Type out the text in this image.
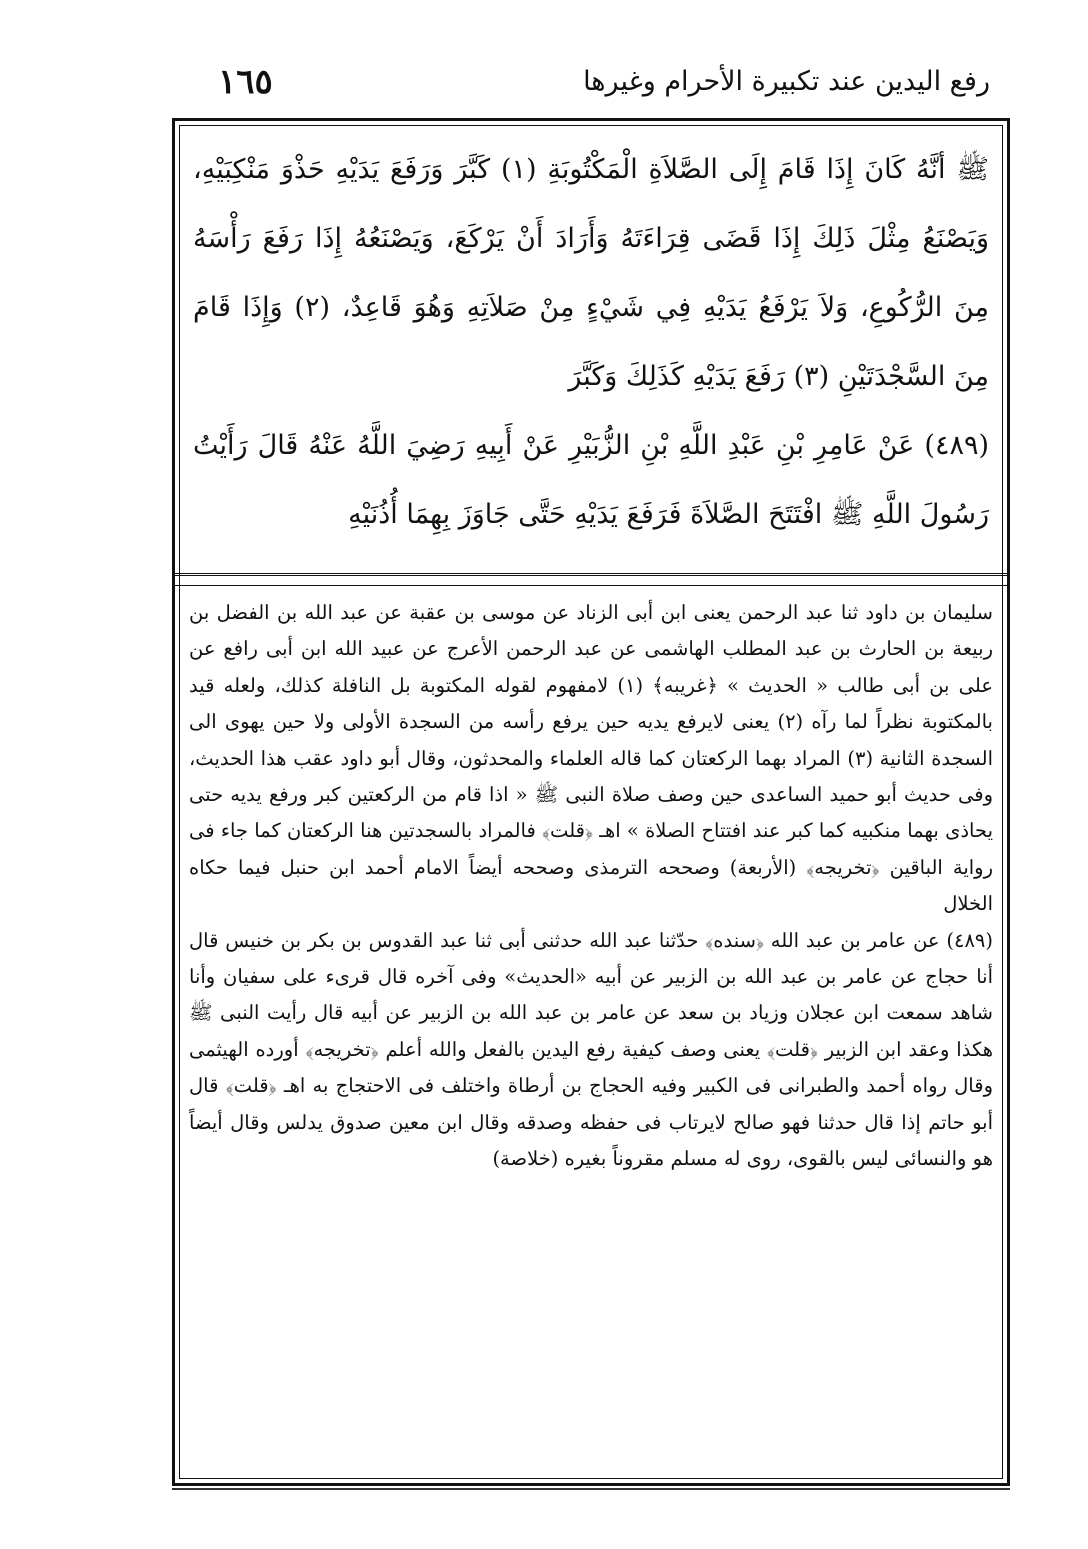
١٦٥	رفع اليدين عند تكبيرة الأحرام وغيرها

ﷺ أنَّهُ كَانَ إِذَا قَامَ إِلَى الصَّلاَةِ الْمَكْتُوبَةِ (١) كَبَّرَ وَرَفَعَ يَدَيْهِ حَذْوَ مَنْكِبَيْهِ، وَيَصْنَعُ مِثْلَ ذَلِكَ إِذَا قَضَى قِرَاءَتَهُ وَأَرَادَ أَنْ يَرْكَعَ، وَيَصْنَعُهُ إِذَا رَفَعَ رَأْسَهُ مِنَ الرُّكُوعِ، وَلاَ يَرْفَعُ يَدَيْهِ فِي شَيْءٍ مِنْ صَلاَتِهِ وَهُوَ قَاعِدٌ، (٢) وَإِذَا قَامَ مِنَ السَّجْدَتَيْنِ (٣) رَفَعَ يَدَيْهِ كَذَلِكَ وَكَبَّرَ

(٤٨٩) عَنْ عَامِرِ بْنِ عَبْدِ اللَّهِ بْنِ الزُّبَيْرِ عَنْ أَبِيهِ رَضِيَ اللَّهُ عَنْهُ قَالَ رَأَيْتُ رَسُولَ اللَّهِ ﷺ افْتَتَحَ الصَّلاَةَ فَرَفَعَ يَدَيْهِ حَتَّى جَاوَزَ بِهِمَا أُذُنَيْهِ

سليمان بن داود ثنا عبد الرحمن يعنى ابن أبى الزناد عن موسى بن عقبة عن عبد الله بن الفضل بن ربيعة بن الحارث بن عبد المطلب الهاشمى عن عبد الرحمن الأعرج عن عبيد الله ابن أبى رافع عن على بن أبى طالب « الحديث » ﴿غريبه﴾ (١) لامفهوم لقوله المكتوبة بل النافلة كذلك، ولعله قيد بالمكتوبة نظراً لما رآه (٢) يعنى لايرفع يديه حين يرفع رأسه من السجدة الأولى ولا حين يهوى الى السجدة الثانية (٣) المراد بهما الركعتان كما قاله العلماء والمحدثون، وقال أبو داود عقب هذا الحديث، وفى حديث أبو حميد الساعدى حين وصف صلاة النبى ﷺ « اذا قام من الركعتين كبر ورفع يديه حتى يحاذى بهما منكبيه كما كبر عند افتتاح الصلاة » اهـ ﴿قلت﴾ فالمراد بالسجدتين هنا الركعتان كما جاء فى رواية الباقين ﴿تخريجه﴾ (الأربعة) وصححه الترمذى وصححه أيضاً الامام أحمد ابن حنبل فيما حكاه الخلال

(٤٨٩) عن عامر بن عبد الله ﴿سنده﴾ حدّثنا عبد الله حدثنى أبى ثنا عبد القدوس بن بكر بن خنيس قال أنا حجاج عن عامر بن عبد الله بن الزبير عن أبيه «الحديث» وفى آخره قال قرىء على سفيان وأنا شاهد سمعت ابن عجلان وزياد بن سعد عن عامر بن عبد الله بن الزبير عن أبيه قال رأيت النبى ﷺ هكذا وعقد ابن الزبير ﴿قلت﴾ يعنى وصف كيفية رفع اليدين بالفعل والله أعلم ﴿تخريجه﴾ أورده الهيثمى وقال رواه أحمد والطبرانى فى الكبير وفيه الحجاج بن أرطاة واختلف فى الاحتجاج به اهـ ﴿قلت﴾ قال أبو حاتم إذا قال حدثنا فهو صالح لايرتاب فى حفظه وصدقه وقال ابن معين صدوق يدلس وقال أيضاً هو والنسائى ليس بالقوى، روى له مسلم مقروناً بغيره (خلاصة)
